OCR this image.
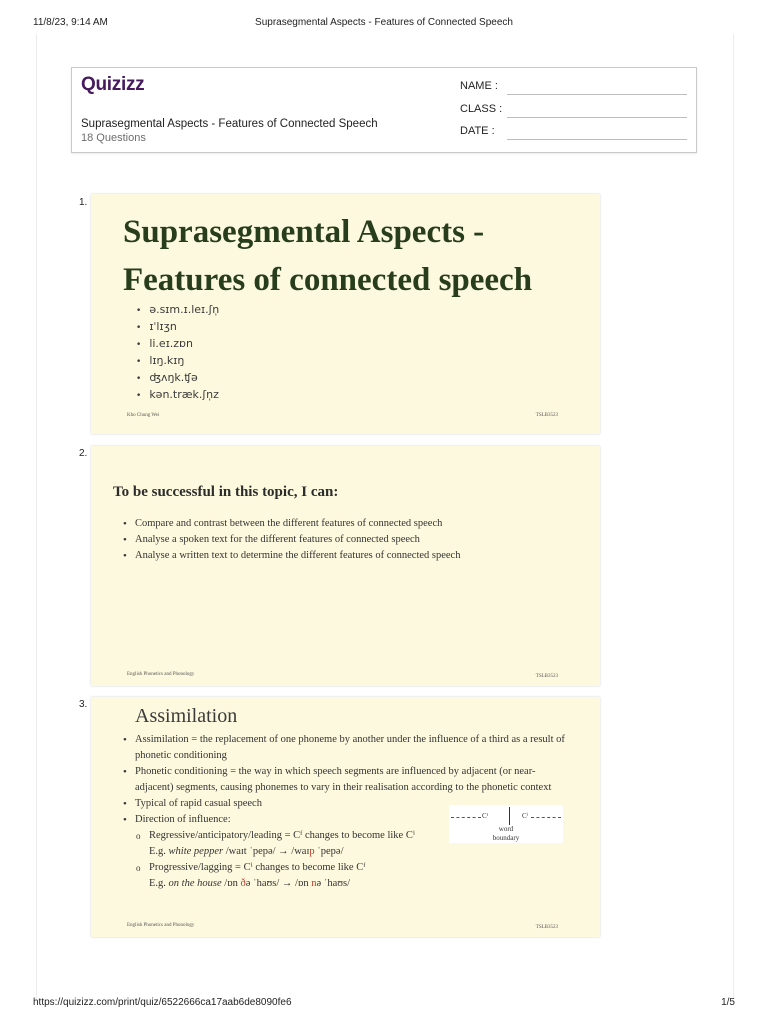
11/8/23, 9:14 AM	Suprasegmental Aspects - Features of Connected Speech
Quizizz
Suprasegmental Aspects - Features of Connected Speech
18 Questions
NAME :
CLASS :
DATE :
1.
Suprasegmental Aspects - Features of connected speech
• ə.sɪm.ɪ.leɪ.ʃn̩
• ɪˈlɪʒn
• li.eɪ.zɒn
• lɪŋ.kɪŋ
• ʤʌŋk.ʧə
• kən.træk.ʃn̩z
Kho Chung Wei	TSLB3523
2.
To be successful in this topic, I can:
• Compare and contrast between the different features of connected speech
• Analyse a spoken text for the different features of connected speech
• Analyse a written text to determine the different features of connected speech
English Phonetics and Phonology	TSLB3523
3.
Assimilation
• Assimilation = the replacement of one phoneme by another under the influence of a third as a result of phonetic conditioning
• Phonetic conditioning = the way in which speech segments are influenced by adjacent (or near-adjacent) segments, causing phonemes to vary in their realisation according to the phonetic context
• Typical of rapid casual speech
• Direction of influence:
o Regressive/anticipatory/leading = Cᶠ changes to become like Cⁱ
E.g. white pepper /waɪt ˈpepə/ → /waɪp ˈpepə/
o Progressive/lagging = Cⁱ changes to become like Cᶠ
E.g. on the house /ɒn ðə ˈhaʊs/ → /ɒn nə ˈhaʊs/
Cᶠ	Cⁱ
word
boundary
English Phonetics and Phonology	TSLB3523
https://quizizz.com/print/quiz/6522666ca17aab6de8090fe6	1/5
